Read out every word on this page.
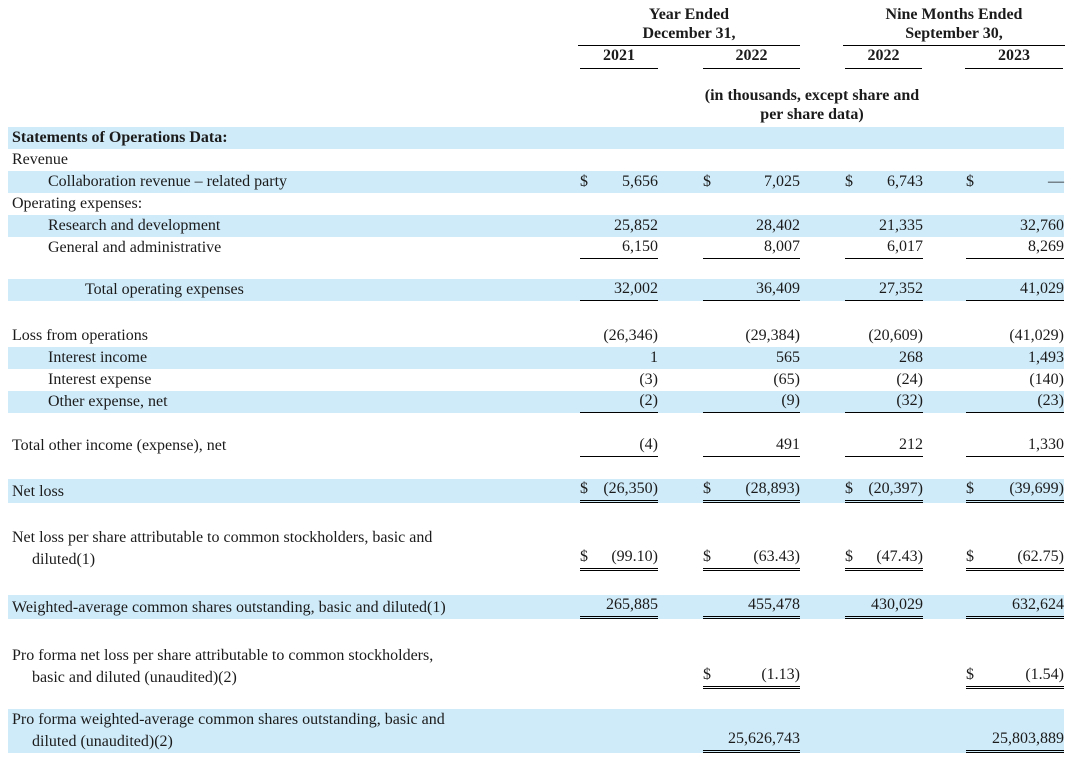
Year Ended
December 31,
Nine Months Ended
September 30,
2021	2022	2022	2023
(in thousands, except share and
per share data)
Statements of Operations Data:							

Revenue							

Collaboration revenue – related party	$ 5,656		$ 7,025		$ 6,743		$ —

Operating expenses:							

Research and development	25,852		28,402		21,335		32,760

General and administrative	6,150		8,007		6,017		8,269

Total operating expenses	32,002		36,409		27,352		41,029

Loss from operations	(26,346)		(29,384)		(20,609)		(41,029)

Interest income	1		565		268		1,493

Interest expense	(3)		(65)		(24)		(140)

Other expense, net	(2)		(9)		(32)		(23)

Total other income (expense), net	(4)		491		212		1,330

Net loss	$ (26,350)		$ (28,893)		$ (20,397)		$ (39,699)

Net loss per share attributable to common stockholders, basic and
diluted(1)	$ (99.10)		$ (63.43)		$ (47.43)		$ (62.75)

Weighted-average common shares outstanding, basic and diluted(1)	265,885		455,478		430,029		632,624

Pro forma net loss per share attributable to common stockholders,
basic and diluted (unaudited)(2)			$ (1.13)				$ (1.54)

Pro forma weighted-average common shares outstanding, basic and
diluted (unaudited)(2)			25,626,743				25,803,889
